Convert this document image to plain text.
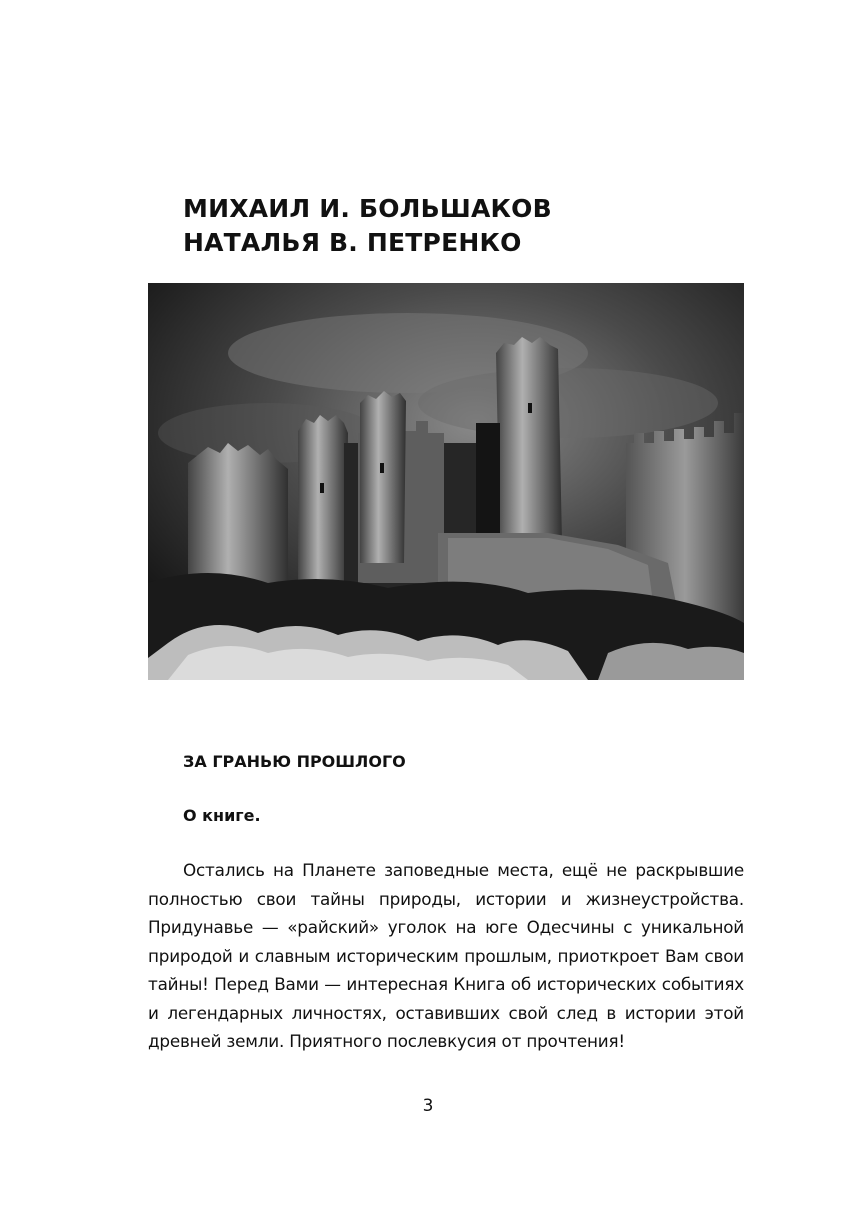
МИХАИЛ И. БОЛЬШАКОВ
НАТАЛЬЯ В. ПЕТРЕНКО
ЗА ГРАНЬЮ ПРОШЛОГО
О книге.
Остались на Планете заповедные места, ещё не раскрывшие полностью свои тайны природы, истории и жизнеустройства. Придунавье — «райский» уголок на юге Одесчины с уникальной природой и славным историческим прошлым, приоткроет Вам свои тайны! Перед Вами — интересная Книга об исторических событиях и легендарных личностях, оставивших свой след в истории этой древней земли. Приятного послевкусия от прочтения!
3
